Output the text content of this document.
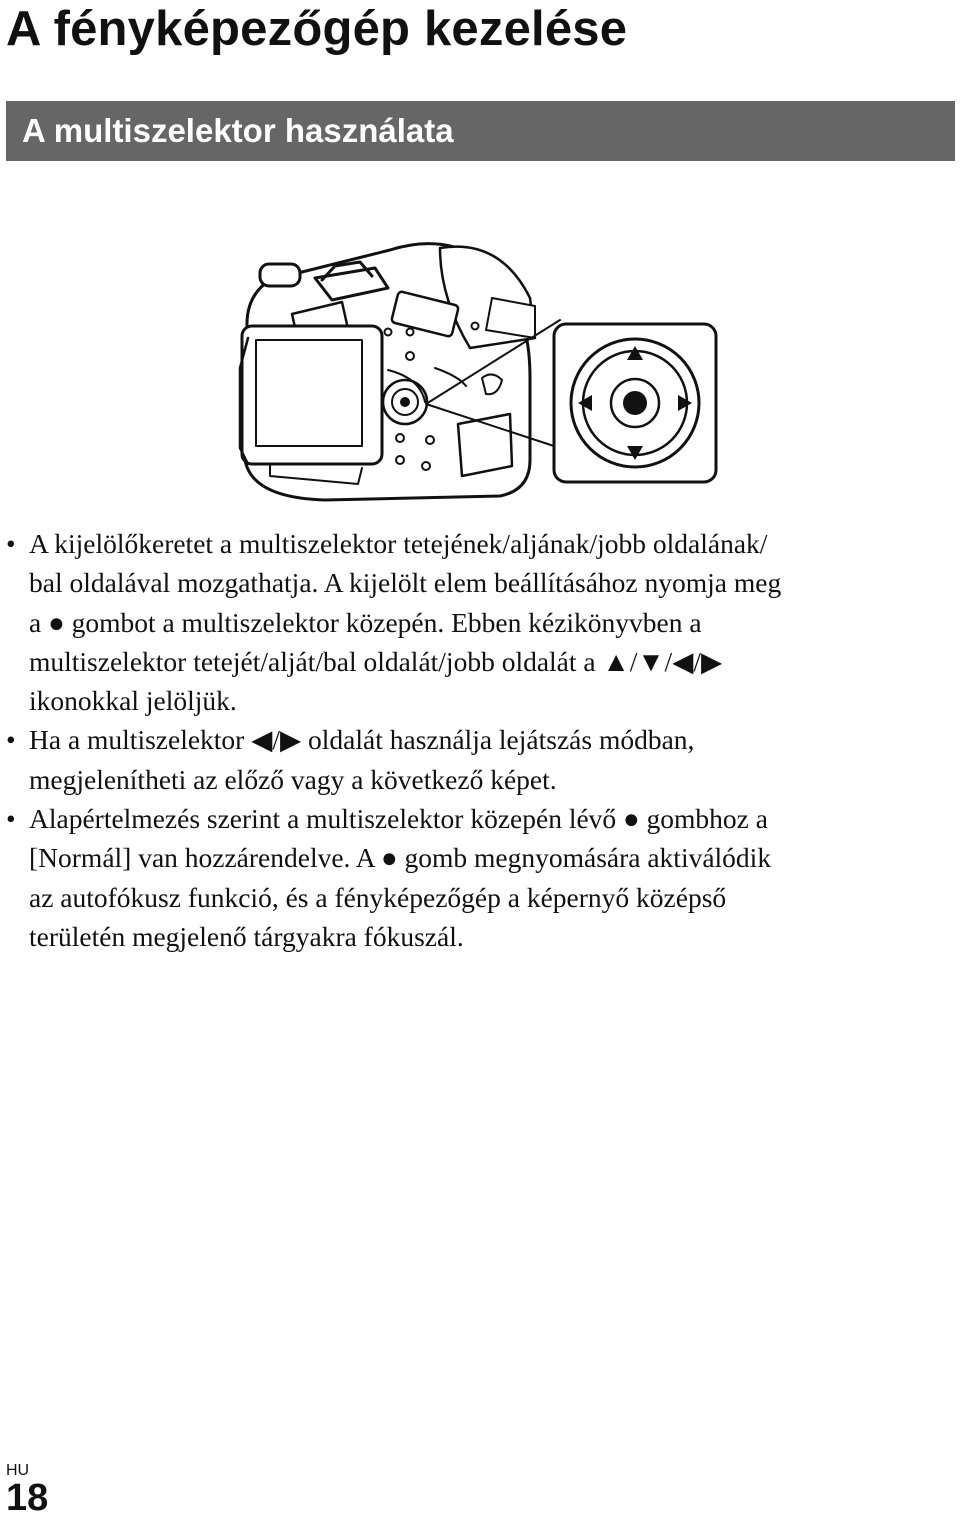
A fényképezőgép kezelése
A multiszelektor használata
• A kijelölőkeretet a multiszelektor tetejének/aljának/jobb oldalának/
bal oldalával mozgathatja. A kijelölt elem beállításához nyomja meg
a ● gombot a multiszelektor közepén. Ebben kézikönyvben a
multiszelektor tetejét/alját/bal oldalát/jobb oldalát a ▲/▼/◀/▶
ikonokkal jelöljük.
• Ha a multiszelektor ◀/▶ oldalát használja lejátszás módban,
megjelenítheti az előző vagy a következő képet.
• Alapértelmezés szerint a multiszelektor közepén lévő ● gombhoz a
[Normál] van hozzárendelve. A ● gomb megnyomására aktiválódik
az autofókusz funkció, és a fényképezőgép a képernyő középső
területén megjelenő tárgyakra fókuszál.
HU
18
